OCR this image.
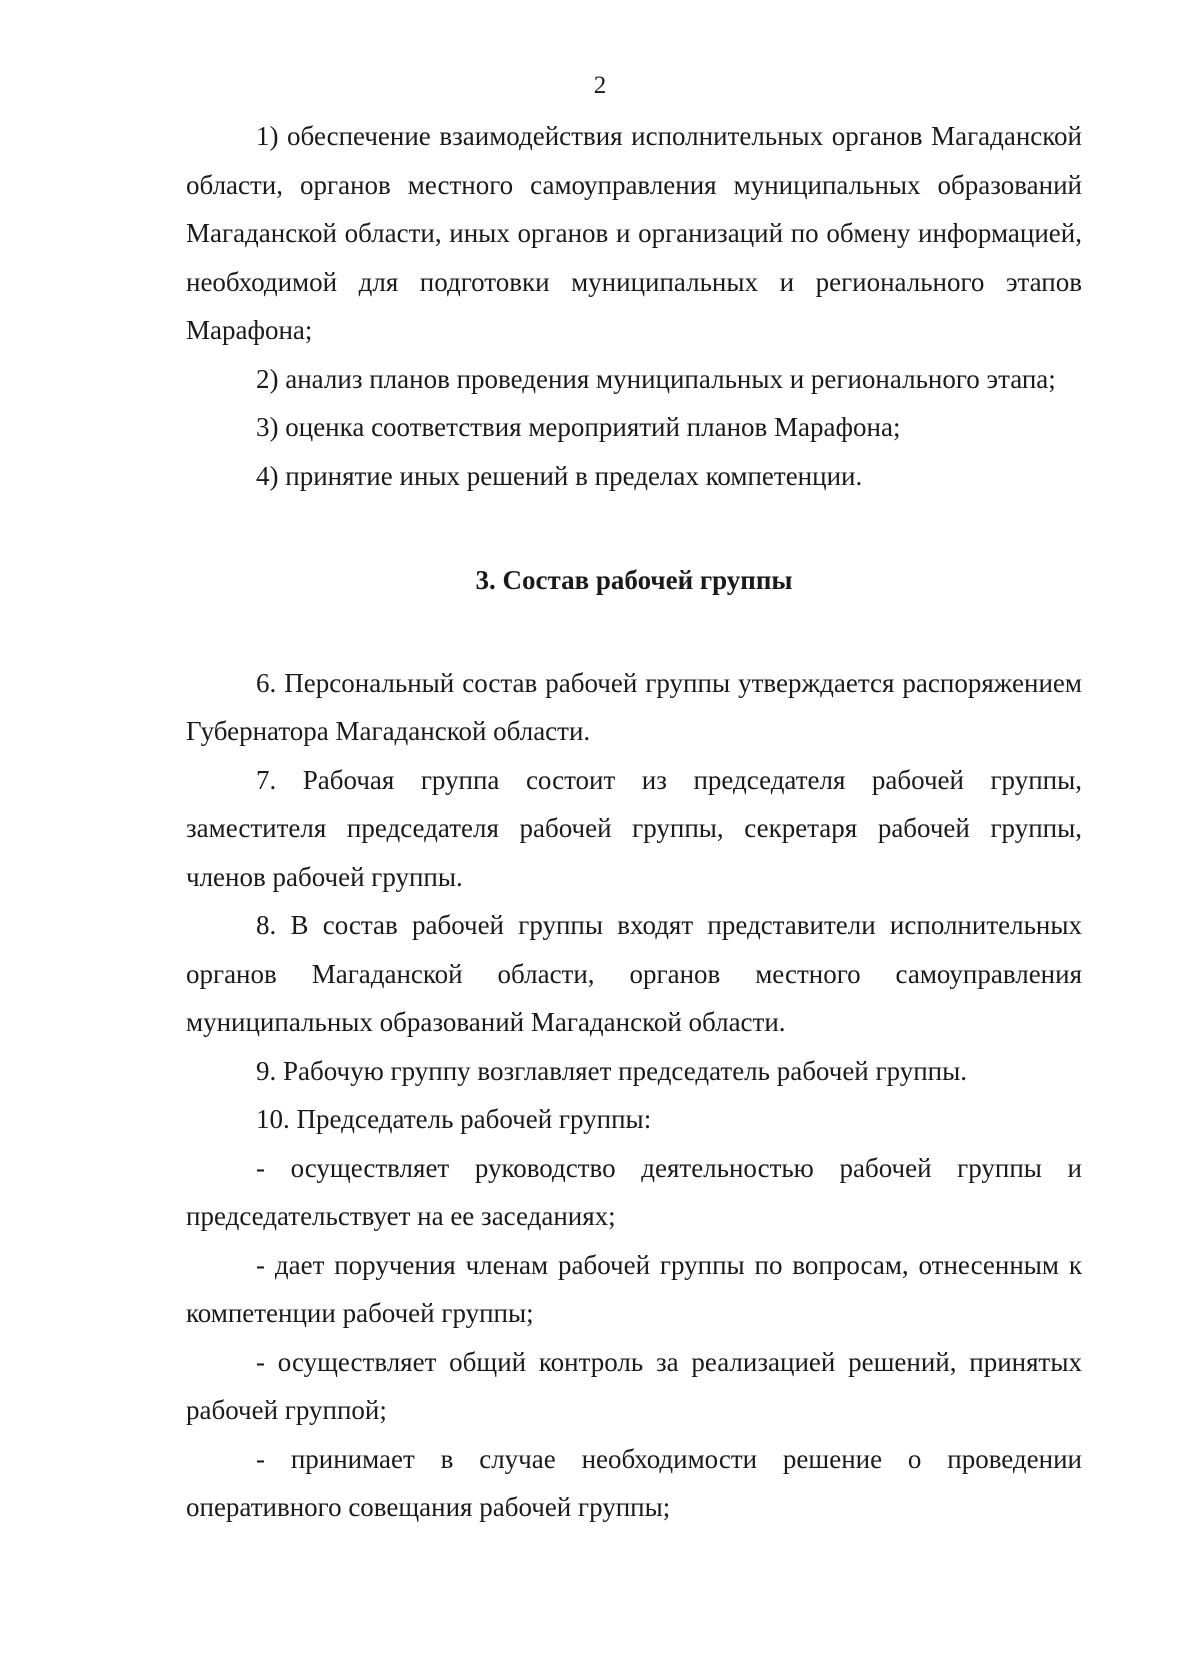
2

1) обеспечение взаимодействия исполнительных органов Магаданской области, органов местного самоуправления муниципальных образований Магаданской области, иных органов и организаций по обмену информацией, необходимой для подготовки муниципальных и регионального этапов Марафона;

2) анализ планов проведения муниципальных и регионального этапа;

3) оценка соответствия мероприятий планов Марафона;

4) принятие иных решений в пределах компетенции.

3. Состав рабочей группы

6. Персональный состав рабочей группы утверждается распоряжением Губернатора Магаданской области.

7. Рабочая группа состоит из председателя рабочей группы, заместителя председателя рабочей группы, секретаря рабочей группы, членов рабочей группы.

8. В состав рабочей группы входят представители исполнительных органов Магаданской области, органов местного самоуправления муниципальных образований Магаданской области.

9. Рабочую группу возглавляет председатель рабочей группы.

10. Председатель рабочей группы:

- осуществляет руководство деятельностью рабочей группы и председательствует на ее заседаниях;

- дает поручения членам рабочей группы по вопросам, отнесенным к компетенции рабочей группы;

- осуществляет общий контроль за реализацией решений, принятых рабочей группой;

- принимает в случае необходимости решение о проведении оперативного совещания рабочей группы;
